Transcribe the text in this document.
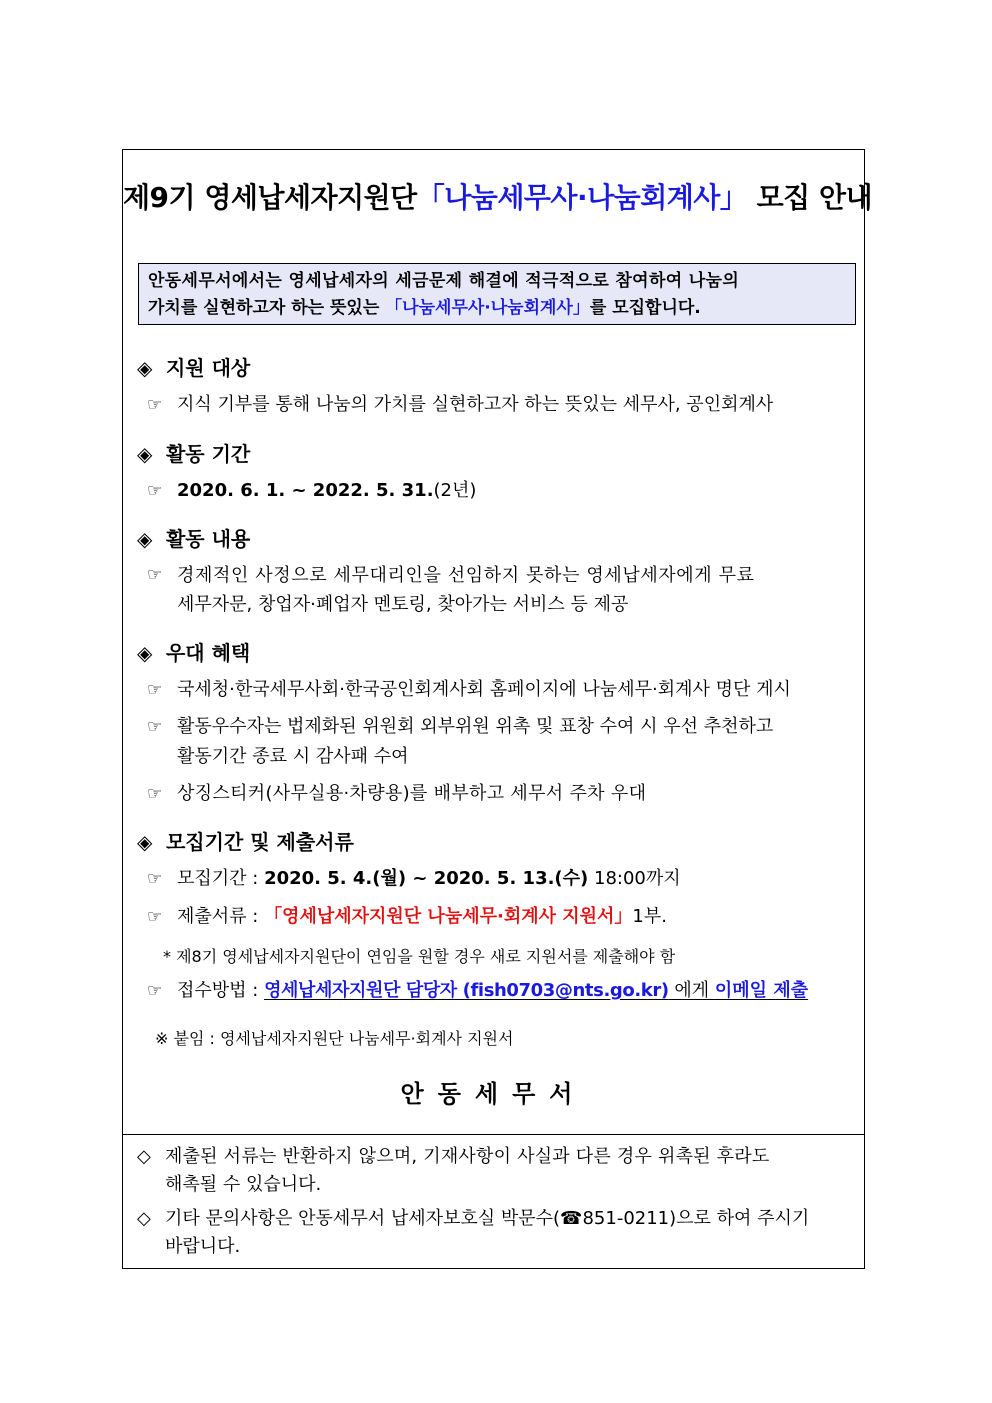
제9기 영세납세자지원단「나눔세무사·나눔회계사」 모집 안내
안동세무서에서는 영세납세자의 세금문제 해결에 적극적으로 참여하여 나눔의
가치를 실현하고자 하는 뜻있는 「나눔세무사·나눔회계사」를 모집합니다.
◈ 지원 대상
☞ 지식 기부를 통해 나눔의 가치를 실현하고자 하는 뜻있는 세무사, 공인회계사
◈ 활동 기간
☞ 2020. 6. 1. ~ 2022. 5. 31.(2년)
◈ 활동 내용
☞ 경제적인 사정으로 세무대리인을 선임하지 못하는 영세납세자에게 무료
세무자문, 창업자·폐업자 멘토링, 찾아가는 서비스 등 제공
◈ 우대 혜택
☞ 국세청·한국세무사회·한국공인회계사회 홈페이지에 나눔세무·회계사 명단 게시
☞ 활동우수자는 법제화된 위원회 외부위원 위촉 및 표창 수여 시 우선 추천하고
활동기간 종료 시 감사패 수여
☞ 상징스티커(사무실용·차량용)를 배부하고 세무서 주차 우대
◈ 모집기간 및 제출서류
☞ 모집기간 : 2020. 5. 4.(월) ~ 2020. 5. 13.(수) 18:00까지
☞ 제출서류 : 「영세납세자지원단 나눔세무·회계사 지원서」1부.
* 제8기 영세납세자지원단이 연임을 원할 경우 새로 지원서를 제출해야 함
☞ 접수방법 : 영세납세자지원단 담당자 (fish0703@nts.go.kr) 에게 이메일 제출
※ 붙임 : 영세납세자지원단 나눔세무·회계사 지원서
안동세무서
◇ 제출된 서류는 반환하지 않으며, 기재사항이 사실과 다른 경우 위촉된 후라도
해촉될 수 있습니다.
◇ 기타 문의사항은 안동세무서 납세자보호실 박문수(☎851-0211)으로 하여 주시기
바랍니다.
